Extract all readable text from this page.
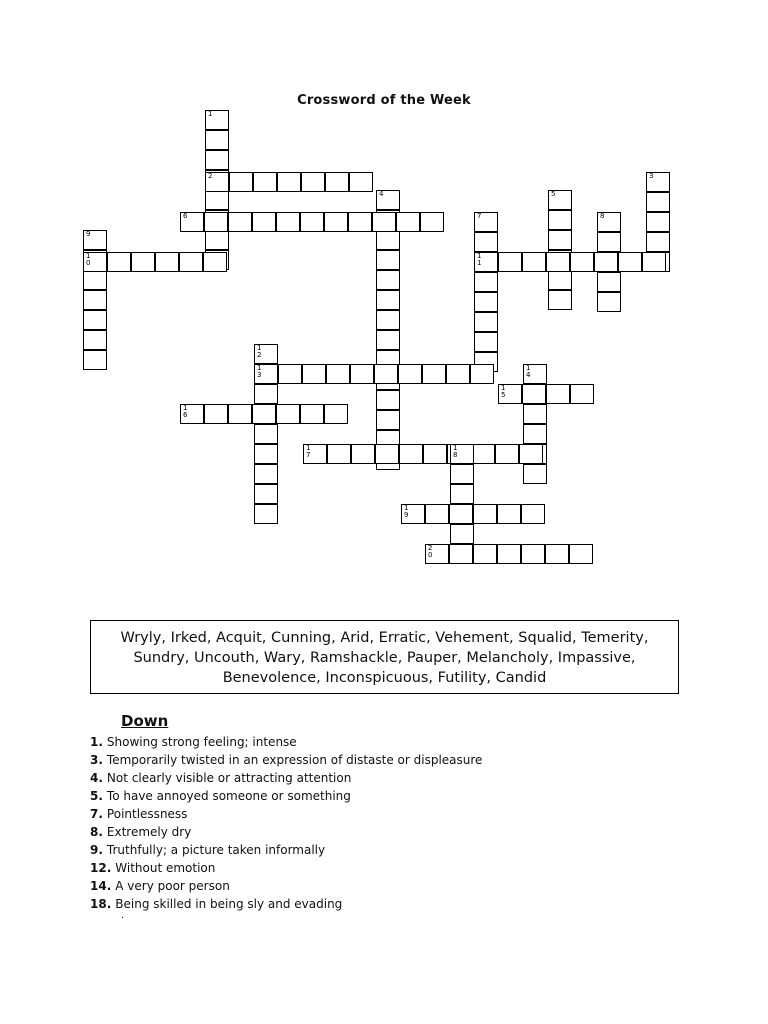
Crossword of the Week
1
2	3
4	5
6	7	8
9
1
0
1
1
1
2
1
3
1
4
1
5
1
6
1
7
1
8
1
9
2
0
Wryly, Irked, Acquit, Cunning, Arid, Erratic, Vehement, Squalid, Temerity, Sundry, Uncouth, Wary, Ramshackle, Pauper, Melancholy, Impassive, Benevolence, Inconspicuous, Futility, Candid
Down
1. Showing strong feeling; intense
3. Temporarily twisted in an expression of distaste or displeasure
4. Not clearly visible or attracting attention
5. To have annoyed someone or something
7. Pointlessness
8. Extremely dry
9. Truthfully; a picture taken informally
12. Without emotion
14. A very poor person
18. Being skilled in being sly and evading
·
